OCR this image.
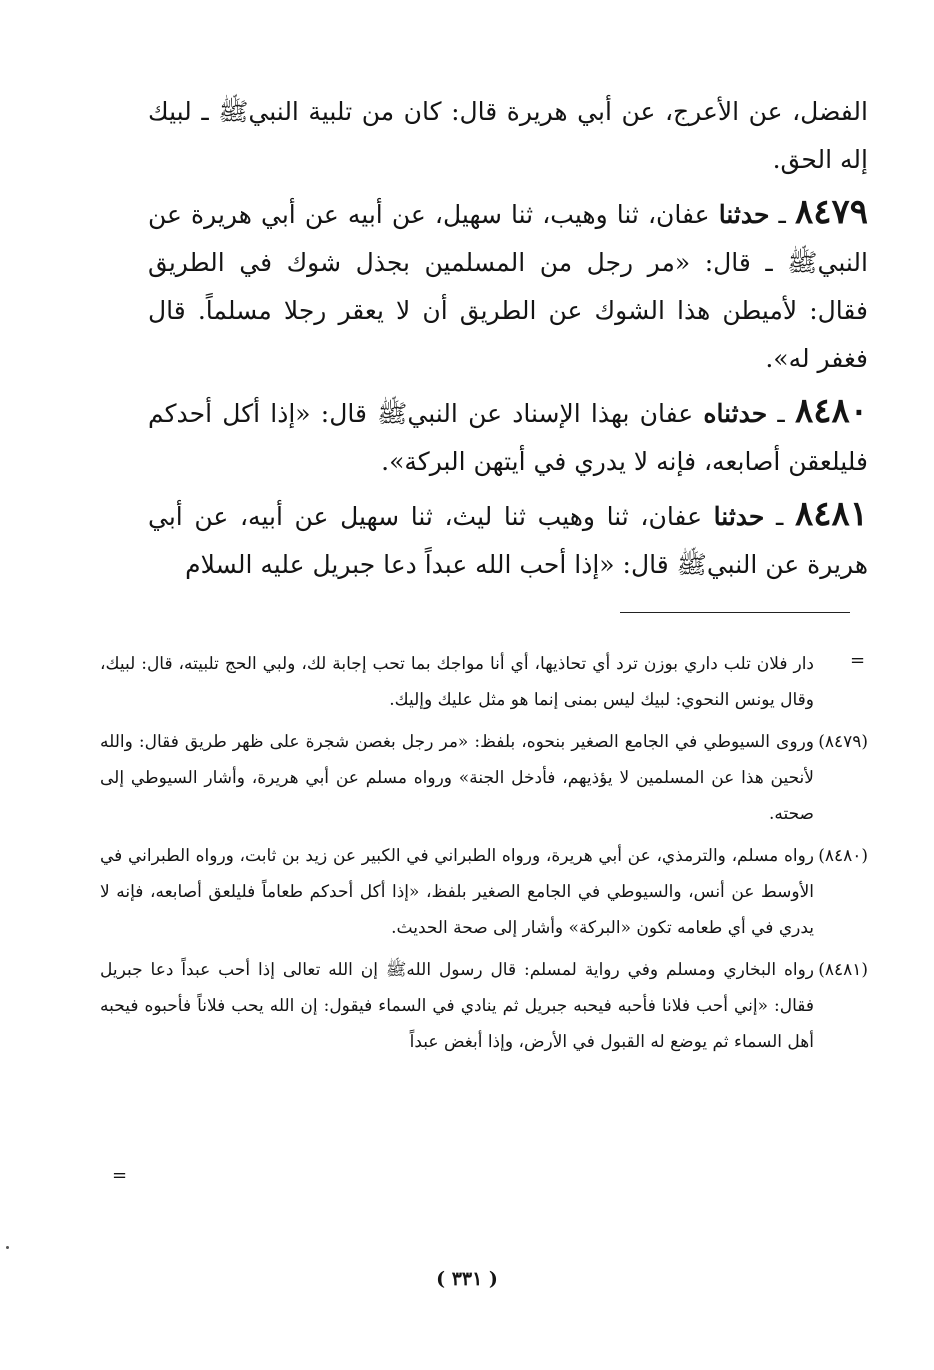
الفضل، عن الأعرج، عن أبي هريرة قال: كان من تلبية النبيﷺ ـ لبيك إله الحق.

٨٤٧٩ ـ حدثنا عفان، ثنا وهيب، ثنا سهيل، عن أبيه عن أبي هريرة عن النبيﷺ ـ قال: «مر رجل من المسلمين بجذل شوك في الطريق فقال: لأميطن هذا الشوك عن الطريق أن لا يعقر رجلا مسلماً. قال فغفر له».

٨٤٨٠ ـ حدثناه عفان بهذا الإسناد عن النبيﷺ قال: «إذا أكل أحدكم فليلعقن أصابعه، فإنه لا يدري في أيتهن البركة».

٨٤٨١ ـ حدثنا عفان، ثنا وهيب ثنا ليث، ثنا سهيل عن أبيه، عن أبي هريرة عن النبيﷺ قال: «إذا أحب الله عبداً دعا جبريل عليه السلام

=

دار فلان تلب داري بوزن ترد أي تحاذيها، أي أنا مواجك بما تحب إجابة لك، ولبي الحج تلبيته، قال: لبيك، وقال يونس النحوي: لبيك ليس بمنى إنما هو مثل عليك وإليك.

(٨٤٧٩)
وروى السيوطي في الجامع الصغير بنحوه، بلفظ: «مر رجل بغصن شجرة على ظهر طريق فقال: والله لأنحين هذا عن المسلمين لا يؤذيهم، فأدخل الجنة» ورواه مسلم عن أبي هريرة، وأشار السيوطي إلى صحته.

(٨٤٨٠)
رواه مسلم، والترمذي، عن أبي هريرة، ورواه الطبراني في الكبير عن زيد بن ثابت، ورواه الطبراني في الأوسط عن أنس، والسيوطي في الجامع الصغير بلفظ، «إذا أكل أحدكم طعاماً فليلعق أصابعه، فإنه لا يدري في أي طعامه تكون «البركة» وأشار إلى صحة الحديث.

(٨٤٨١)
رواه البخاري ومسلم وفي رواية لمسلم: قال رسول اللهﷺ إن الله تعالى إذا أحب عبداً دعا جبريل فقال: «إني أحب فلانا فأحبه فيحبه جبريل ثم ينادي في السماء فيقول: إن الله يحب فلاناً فأحبوه فيحبه أهل السماء ثم يوضع له القبول في الأرض، وإذا أبغض عبداً

=
( ٣٣١ )
